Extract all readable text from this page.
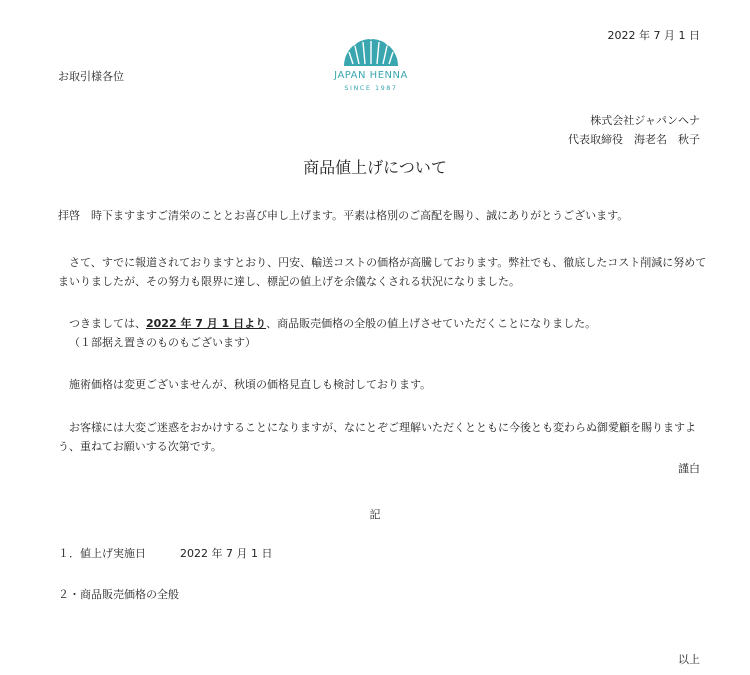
2022 年 7 月 1 日
お取引様各位	JAPAN HENNA
SINCE 1987
株式会社ジャパンヘナ
代表取締役　海老名　秋子
商品値上げについて
拝啓　時下ますますご清栄のこととお喜び申し上げます。平素は格別のご高配を賜り、誠にありがとうございます。
さて、すでに報道されておりますとおり、円安、輸送コストの価格が高騰しております。弊社でも、徹底したコスト削減に努めてまいりましたが、その努力も限界に達し、標記の値上げを余儀なくされる状況になりました。
つきましては、2022 年 7 月 1 日より、商品販売価格の全般の値上げさせていただくことになりました。
（１部据え置きのものもございます）
施術価格は変更ございませんが、秋頃の価格見直しも検討しております。
お客様には大変ご迷惑をおかけすることになりますが、なにとぞご理解いただくとともに今後とも変わらぬ御愛顧を賜りますよう、重ねてお願いする次第です。
謹白
記
１．値上げ実施日	2022 年 7 月 1 日
２・商品販売価格の全般
以上
